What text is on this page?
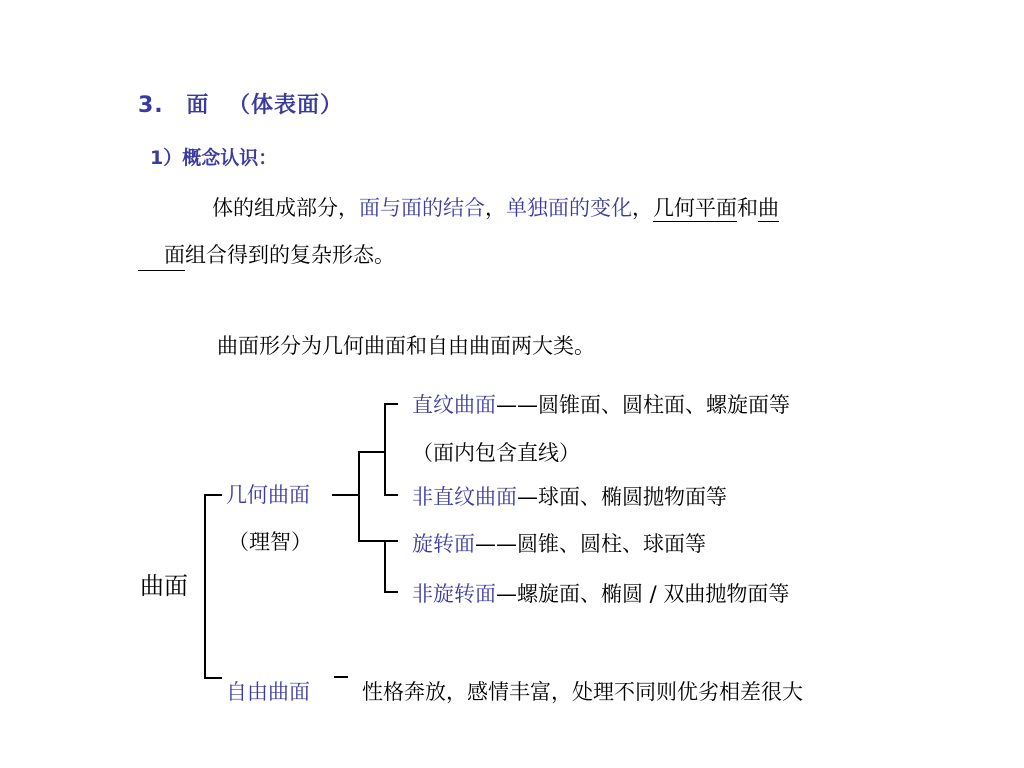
3. 面 （体表面）
1）概念认识：
体的组成部分，面与面的结合，单独面的变化，几何平面和曲
面组合得到的复杂形态。
曲面形分为几何曲面和自由曲面两大类。
曲面
几何曲面
（理智）
直纹曲面——圆锥面、圆柱面、螺旋面等
（面内包含直线）
非直纹曲面—球面、椭圆抛物面等
旋转面——圆锥、圆柱、球面等
非旋转面—螺旋面、椭圆 / 双曲抛物面等
自由曲面 性格奔放，感情丰富，处理不同则优劣相差很大
